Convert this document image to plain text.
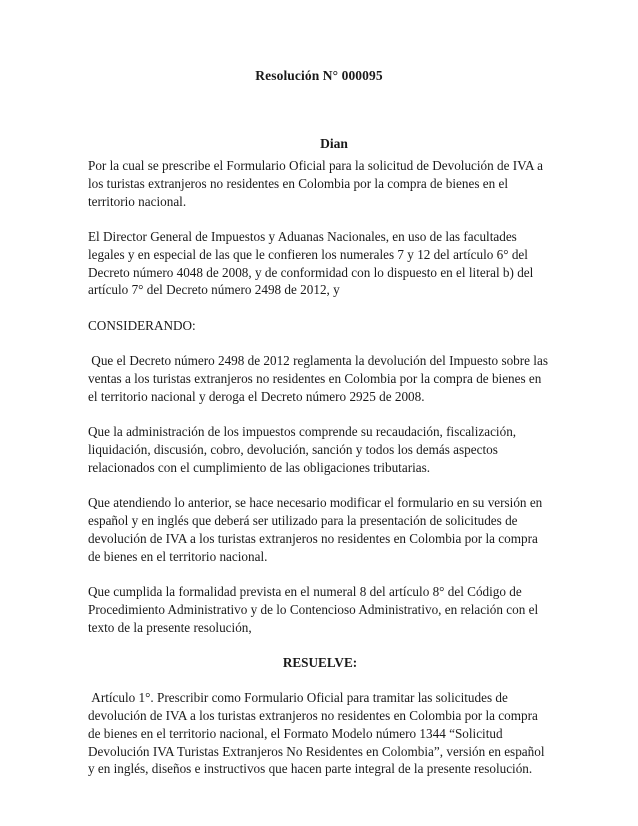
Resolución N° 000095
Dian

Por la cual se prescribe el Formulario Oficial para la solicitud de Devolución de IVA a los turistas extranjeros no residentes en Colombia por la compra de bienes en el territorio nacional.

El Director General de Impuestos y Aduanas Nacionales, en uso de las facultades legales y en especial de las que le confieren los numerales 7 y 12 del artículo 6° del Decreto número 4048 de 2008, y de conformidad con lo dispuesto en el literal b) del artículo 7° del Decreto número 2498 de 2012, y

CONSIDERANDO:

Que el Decreto número 2498 de 2012 reglamenta la devolución del Impuesto sobre las ventas a los turistas extranjeros no residentes en Colombia por la compra de bienes en el territorio nacional y deroga el Decreto número 2925 de 2008.

Que la administración de los impuestos comprende su recaudación, fiscalización, liquidación, discusión, cobro, devolución, sanción y todos los demás aspectos relacionados con el cumplimiento de las obligaciones tributarias.

Que atendiendo lo anterior, se hace necesario modificar el formulario en su versión en español y en inglés que deberá ser utilizado para la presentación de solicitudes de devolución de IVA a los turistas extranjeros no residentes en Colombia por la compra de bienes en el territorio nacional.

Que cumplida la formalidad prevista en el numeral 8 del artículo 8° del Código de Procedimiento Administrativo y de lo Contencioso Administrativo, en relación con el texto de la presente resolución,

RESUELVE:

Artículo 1°. Prescribir como Formulario Oficial para tramitar las solicitudes de devolución de IVA a los turistas extranjeros no residentes en Colombia por la compra de bienes en el territorio nacional, el Formato Modelo número 1344 “Solicitud Devolución IVA Turistas Extranjeros No Residentes en Colombia”, versión en español y en inglés, diseños e instructivos que hacen parte integral de la presente resolución.
